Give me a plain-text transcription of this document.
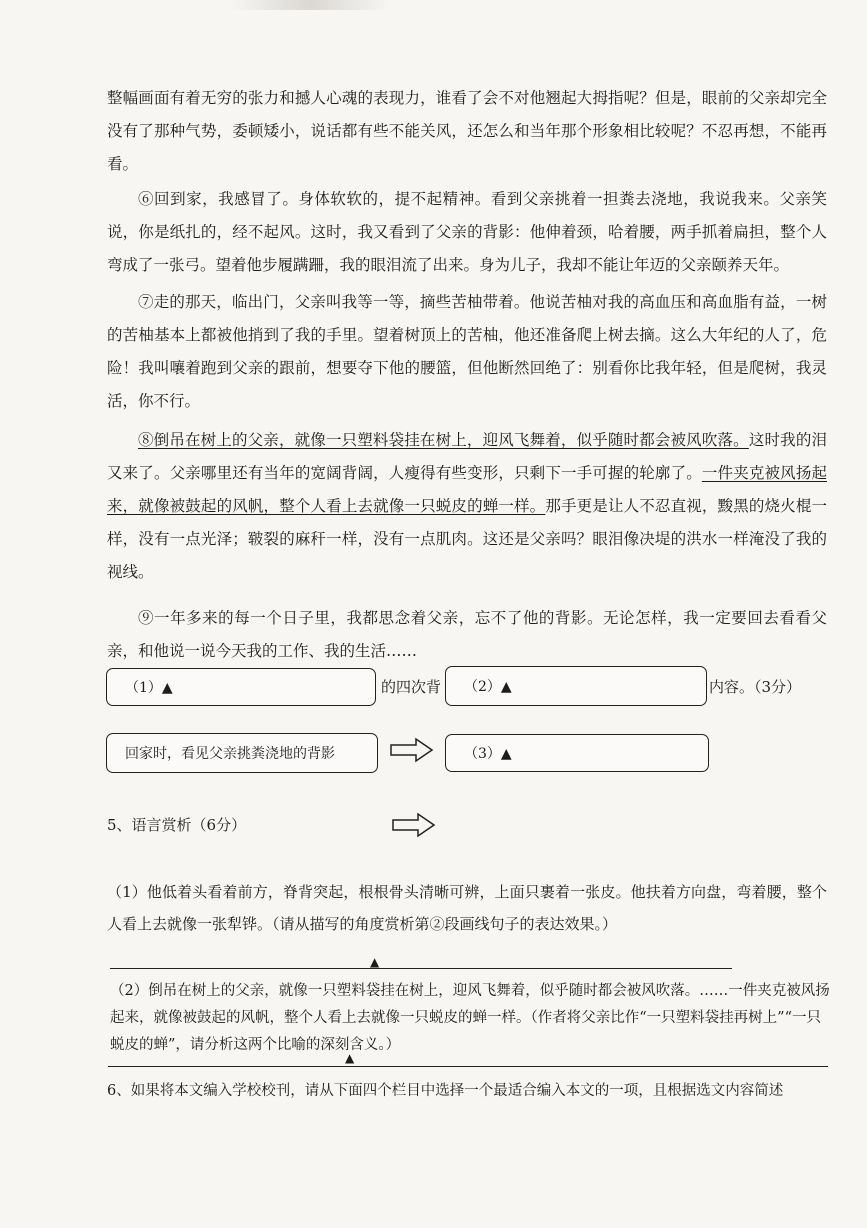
整幅画面有着无穷的张力和撼人心魂的表现力，谁看了会不对他翘起大拇指呢？但是，眼前的父亲却完全没有了那种气势，委顿矮小，说话都有些不能关风，还怎么和当年那个形象相比较呢？不忍再想，不能再看。
⑥回到家，我感冒了。身体软软的，提不起精神。看到父亲挑着一担粪去浇地，我说我来。父亲笑说，你是纸扎的，经不起风。这时，我又看到了父亲的背影：他伸着颈，哈着腰，两手抓着扁担，整个人弯成了一张弓。望着他步履蹒跚，我的眼泪流了出来。身为儿子，我却不能让年迈的父亲颐养天年。
⑦走的那天，临出门，父亲叫我等一等，摘些苦柚带着。他说苦柚对我的高血压和高血脂有益，一树的苦柚基本上都被他捎到了我的手里。望着树顶上的苦柚，他还准备爬上树去摘。这么大年纪的人了，危险！我叫嚷着跑到父亲的跟前，想要夺下他的腰篮，但他断然回绝了：别看你比我年轻，但是爬树，我灵活，你不行。
⑧倒吊在树上的父亲，就像一只塑料袋挂在树上，迎风飞舞着，似乎随时都会被风吹落。这时我的泪又来了。父亲哪里还有当年的宽阔背阔，人瘦得有些变形，只剩下一手可握的轮廓了。一件夹克被风扬起来，就像被鼓起的风帆，整个人看上去就像一只蜕皮的蝉一样。那手更是让人不忍直视，黢黑的烧火棍一样，没有一点光泽；皲裂的麻秆一样，没有一点肌肉。这还是父亲吗？眼泪像决堤的洪水一样淹没了我的视线。
⑨一年多来的每一个日子里，我都思念着父亲，忘不了他的背影。无论怎样，我一定要回去看看父亲，和他说一说今天我的工作、我的生活……
（1）▲	的四次背 （2）▲	内容。（3分）
回家时，看见父亲挑粪浇地的背影	（3）▲
5、语言赏析（6分）
（1）他低着头看着前方，脊背突起，根根骨头清晰可辨，上面只裹着一张皮。他扶着方向盘，弯着腰，整个人看上去就像一张犁铧。（请从描写的角度赏析第②段画线句子的表达效果。）
▲
（2）倒吊在树上的父亲，就像一只塑料袋挂在树上，迎风飞舞着，似乎随时都会被风吹落。……一件夹克被风扬起来，就像被鼓起的风帆，整个人看上去就像一只蜕皮的蝉一样。（作者将父亲比作“一只塑料袋挂再树上”“一只蜕皮的蝉”，请分析这两个比喻的深刻含义。）
▲
6、如果将本文编入学校校刊，请从下面四个栏目中选择一个最适合编入本文的一项，且根据选文内容简述
